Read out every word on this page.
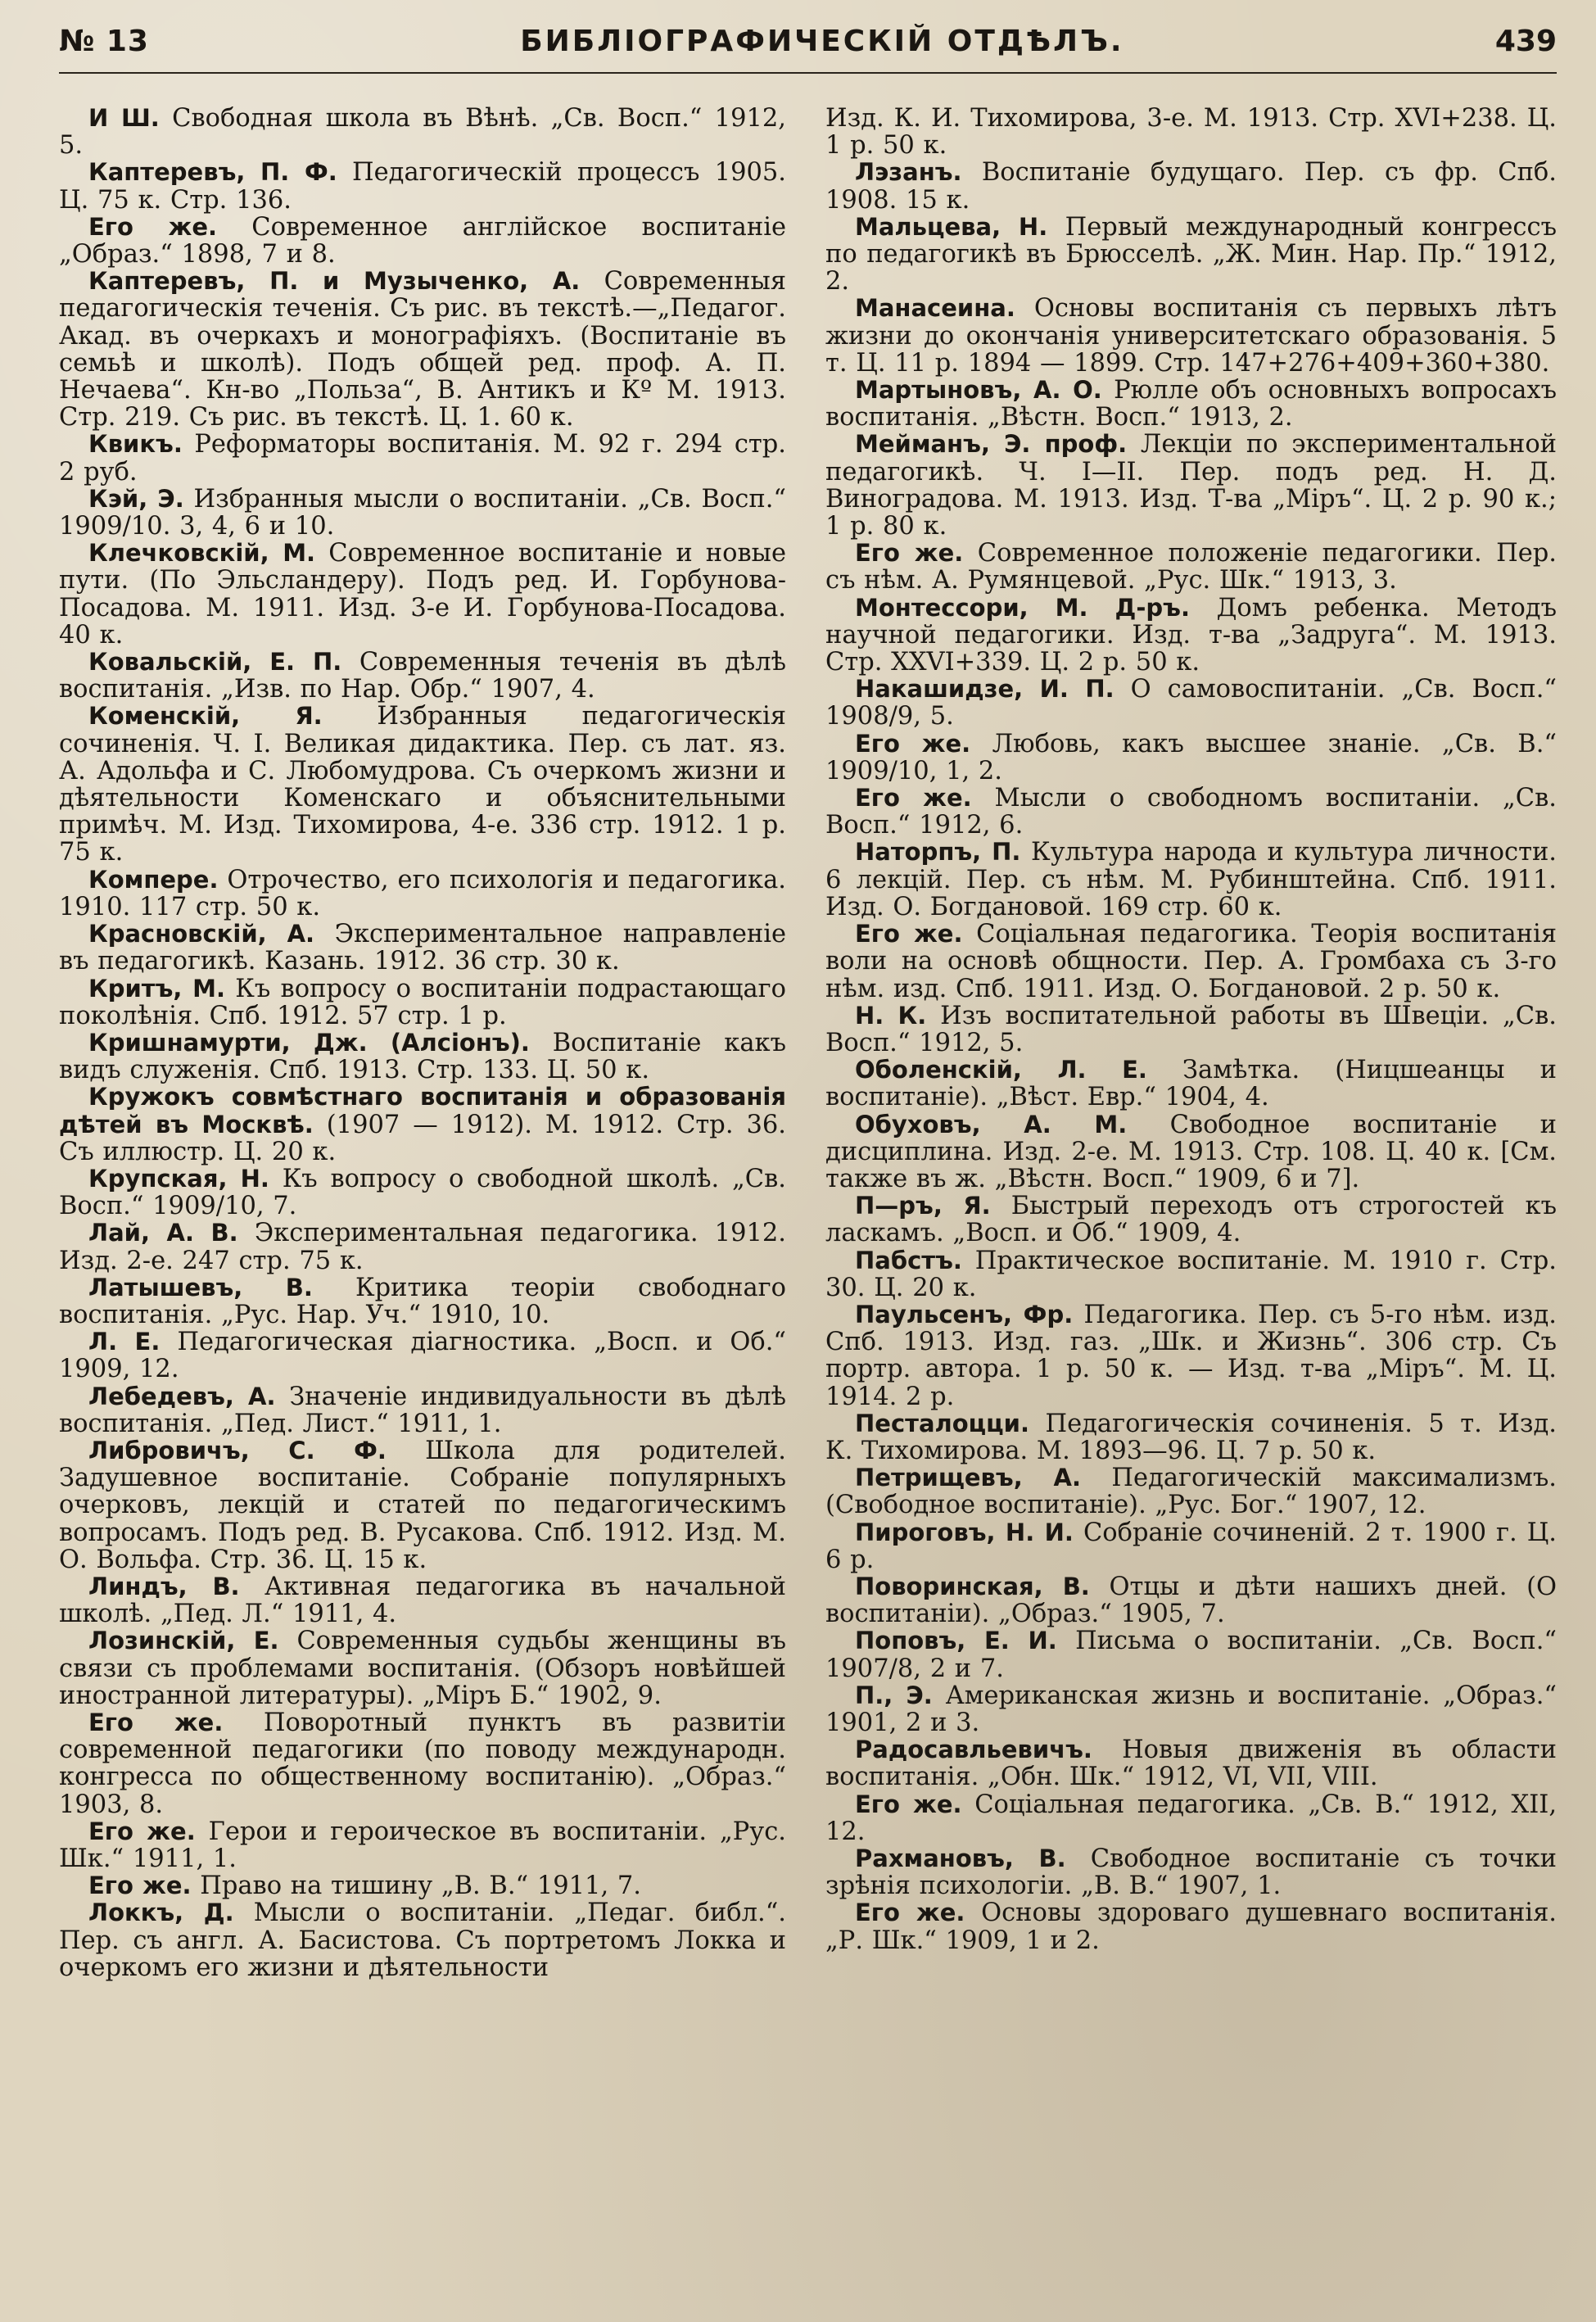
№ 13	БИБЛІОГРАФИЧЕСКІЙ ОТДѢЛЪ.	439

И Ш. Свободная школа въ Вѣнѣ. „Св. Восп.“ 1912, 5.

Каптеревъ, П. Ф. Педагогическій процессъ 1905. Ц. 75 к. Стр. 136.

Его же. Современное англійское воспитаніе „Образ.“ 1898, 7 и 8.

Каптеревъ, П. и Музыченко, А. Современныя педагогическія теченія. Съ рис. въ текстѣ.—„Педагог. Акад. въ очеркахъ и монографіяхъ. (Воспитаніе въ семьѣ и школѣ). Подъ общей ред. проф. А. П. Нечаева“. Кн-во „Польза“, В. Антикъ и Кº М. 1913. Стр. 219. Съ рис. въ текстѣ. Ц. 1. 60 к.

Квикъ. Реформаторы воспитанія. М. 92 г. 294 стр. 2 руб.

Кэй, Э. Избранныя мысли о воспитаніи. „Св. Восп.“ 1909/10. 3, 4, 6 и 10.

Клечковскій, М. Современное воспитаніе и новые пути. (По Эльсландеру). Подъ ред. И. Горбунова-Посадова. М. 1911. Изд. 3-е И. Горбунова-Посадова. 40 к.

Ковальскій, Е. П. Современныя теченія въ дѣлѣ воспитанія. „Изв. по Нар. Обр.“ 1907, 4.

Коменскій, Я. Избранныя педагогическія сочиненія. Ч. I. Великая дидактика. Пер. съ лат. яз. А. Адольфа и С. Любомудрова. Съ очеркомъ жизни и дѣятельности Коменскаго и объяснительными примѣч. М. Изд. Тихомирова, 4-е. 336 стр. 1912. 1 р. 75 к.

Компере. Отрочество, его психологія и педагогика. 1910. 117 стр. 50 к.

Красновскій, А. Экспериментальное направленіе въ педагогикѣ. Казань. 1912. 36 стр. 30 к.

Критъ, М. Къ вопросу о воспитаніи подрастающаго поколѣнія. Спб. 1912. 57 стр. 1 р.

Кришнамурти, Дж. (Алсіонъ). Воспитаніе какъ видъ служенія. Спб. 1913. Стр. 133. Ц. 50 к.

Кружокъ совмѣстнаго воспитанія и образованія дѣтей въ Москвѣ. (1907 — 1912). М. 1912. Стр. 36. Съ иллюстр. Ц. 20 к.

Крупская, Н. Къ вопросу о свободной школѣ. „Св. Восп.“ 1909/10, 7.

Лай, А. В. Экспериментальная педагогика. 1912. Изд. 2-е. 247 стр. 75 к.

Латышевъ, В. Критика теоріи свободнаго воспитанія. „Рус. Нар. Уч.“ 1910, 10.

Л. Е. Педагогическая діагностика. „Восп. и Об.“ 1909, 12.

Лебедевъ, А. Значеніе индивидуальности въ дѣлѣ воспитанія. „Пед. Лист.“ 1911, 1.

Либровичъ, С. Ф. Школа для родителей. Задушевное воспитаніе. Собраніе популярныхъ очерковъ, лекцій и статей по педагогическимъ вопросамъ. Подъ ред. В. Русакова. Спб. 1912. Изд. М. О. Вольфа. Стр. 36. Ц. 15 к.

Линдъ, В. Активная педагогика въ начальной школѣ. „Пед. Л.“ 1911, 4.

Лозинскій, Е. Современныя судьбы женщины въ связи съ проблемами воспитанія. (Обзоръ новѣйшей иностранной литературы). „Міръ Б.“ 1902, 9.

Его же. Поворотный пунктъ въ развитіи современной педагогики (по поводу международн. конгресса по общественному воспитанію). „Образ.“ 1903, 8.

Его же. Герои и героическое въ воспитаніи. „Рус. Шк.“ 1911, 1.

Его же. Право на тишину „В. В.“ 1911, 7.

Локкъ, Д. Мысли о воспитаніи. „Педаг. библ.“. Пер. съ англ. А. Басистова. Съ портретомъ Локка и очеркомъ его жизни и дѣятельности

Изд. К. И. Тихомирова, 3-е. М. 1913. Стр. XVI+238. Ц. 1 р. 50 к.

Лэзанъ. Воспитаніе будущаго. Пер. съ фр. Спб. 1908. 15 к.

Мальцева, Н. Первый международный конгрессъ по педагогикѣ въ Брюсселѣ. „Ж. Мин. Нар. Пр.“ 1912, 2.

Манасеина. Основы воспитанія съ первыхъ лѣтъ жизни до окончанія университетскаго образованія. 5 т. Ц. 11 р. 1894 — 1899. Стр. 147+276+409+360+380.

Мартыновъ, А. О. Рюлле объ основныхъ вопросахъ воспитанія. „Вѣстн. Восп.“ 1913, 2.

Мейманъ, Э. проф. Лекціи по экспериментальной педагогикѣ. Ч. I—II. Пер. подъ ред. Н. Д. Виноградова. М. 1913. Изд. Т-ва „Міръ“. Ц. 2 р. 90 к.; 1 р. 80 к.

Его же. Современное положеніе педагогики. Пер. съ нѣм. А. Румянцевой. „Рус. Шк.“ 1913, 3.

Монтессори, М. Д-ръ. Домъ ребенка. Методъ научной педагогики. Изд. т-ва „Задруга“. М. 1913. Стр. XXVI+339. Ц. 2 р. 50 к.

Накашидзе, И. П. О самовоспитаніи. „Св. Восп.“ 1908/9, 5.

Его же. Любовь, какъ высшее знаніе. „Св. В.“ 1909/10, 1, 2.

Его же. Мысли о свободномъ воспитаніи. „Св. Восп.“ 1912, 6.

Наторпъ, П. Культура народа и культура личности. 6 лекцій. Пер. съ нѣм. М. Рубинштейна. Спб. 1911. Изд. О. Богдановой. 169 стр. 60 к.

Его же. Соціальная педагогика. Теорія воспитанія воли на основѣ общности. Пер. А. Громбаха съ 3-го нѣм. изд. Спб. 1911. Изд. О. Богдановой. 2 р. 50 к.

Н. К. Изъ воспитательной работы въ Швеціи. „Св. Восп.“ 1912, 5.

Оболенскій, Л. Е. Замѣтка. (Ницшеанцы и воспитаніе). „Вѣст. Евр.“ 1904, 4.

Обуховъ, А. М. Свободное воспитаніе и дисциплина. Изд. 2-е. М. 1913. Стр. 108. Ц. 40 к. [См. также въ ж. „Вѣстн. Восп.“ 1909, 6 и 7].

П—ръ, Я. Быстрый переходъ отъ строгостей къ ласкамъ. „Восп. и Об.“ 1909, 4.

Пабстъ. Практическое воспитаніе. М. 1910 г. Стр. 30. Ц. 20 к.

Паульсенъ, Фр. Педагогика. Пер. съ 5-го нѣм. изд. Спб. 1913. Изд. газ. „Шк. и Жизнь“. 306 стр. Съ портр. автора. 1 р. 50 к. — Изд. т-ва „Міръ“. М. Ц. 1914. 2 р.

Песталоцци. Педагогическія сочиненія. 5 т. Изд. К. Тихомирова. М. 1893—96. Ц. 7 р. 50 к.

Петрищевъ, А. Педагогическій максимализмъ. (Свободное воспитаніе). „Рус. Бог.“ 1907, 12.

Пироговъ, Н. И. Собраніе сочиненій. 2 т. 1900 г. Ц. 6 р.

Поворинская, В. Отцы и дѣти нашихъ дней. (О воспитаніи). „Образ.“ 1905, 7.

Поповъ, Е. И. Письма о воспитаніи. „Св. Восп.“ 1907/8, 2 и 7.

П., Э. Американская жизнь и воспитаніе. „Образ.“ 1901, 2 и 3.

Радосавльевичъ. Новыя движенія въ области воспитанія. „Обн. Шк.“ 1912, VI, VII, VIII.

Его же. Соціальная педагогика. „Св. В.“ 1912, XII, 12.

Рахмановъ, В. Свободное воспитаніе съ точки зрѣнія психологіи. „В. В.“ 1907, 1.

Его же. Основы здороваго душевнаго воспитанія. „Р. Шк.“ 1909, 1 и 2.
